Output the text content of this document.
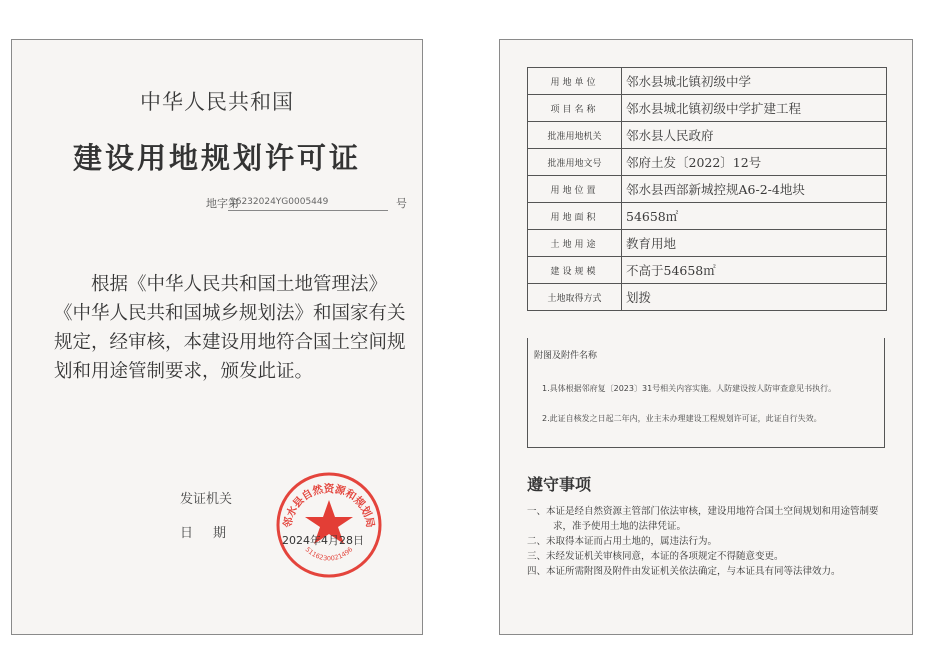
中华人民共和国
建设用地规划许可证
地字第
16232024YG0005449	号
根据《中华人民共和国土地管理法》《中华人民共和国城乡规划法》和国家有关规定，经审核，本建设用地符合国土空间规划和用途管制要求，颁发此证。
发证机关
日期
邻水县自然资源和规划局
5116230021496
2024年4月28日
用地单位	邻水县城北镇初级中学
项目名称	邻水县城北镇初级中学扩建工程
批准用地机关	邻水县人民政府
批准用地文号	邻府土发〔2022〕12号
用地位置	邻水县西部新城控规A6-2-4地块
用地面积	54658㎡
土地用途	教育用地
建设规模	不高于54658㎡
土地取得方式	划拨
附图及附件名称
1.具体根据邻府复〔2023〕31号相关内容实施。人防建设按人防审查意见书执行。
2.此证自核发之日起二年内，业主未办理建设工程规划许可证，此证自行失效。
遵守事项
一、本证是经自然资源主管部门依法审核，建设用地符合国土空间规划和用途管制要求，准予使用土地的法律凭证。
二、未取得本证而占用土地的，属违法行为。
三、未经发证机关审核同意，本证的各项规定不得随意变更。
四、本证所需附图及附件由发证机关依法确定，与本证具有同等法律效力。
